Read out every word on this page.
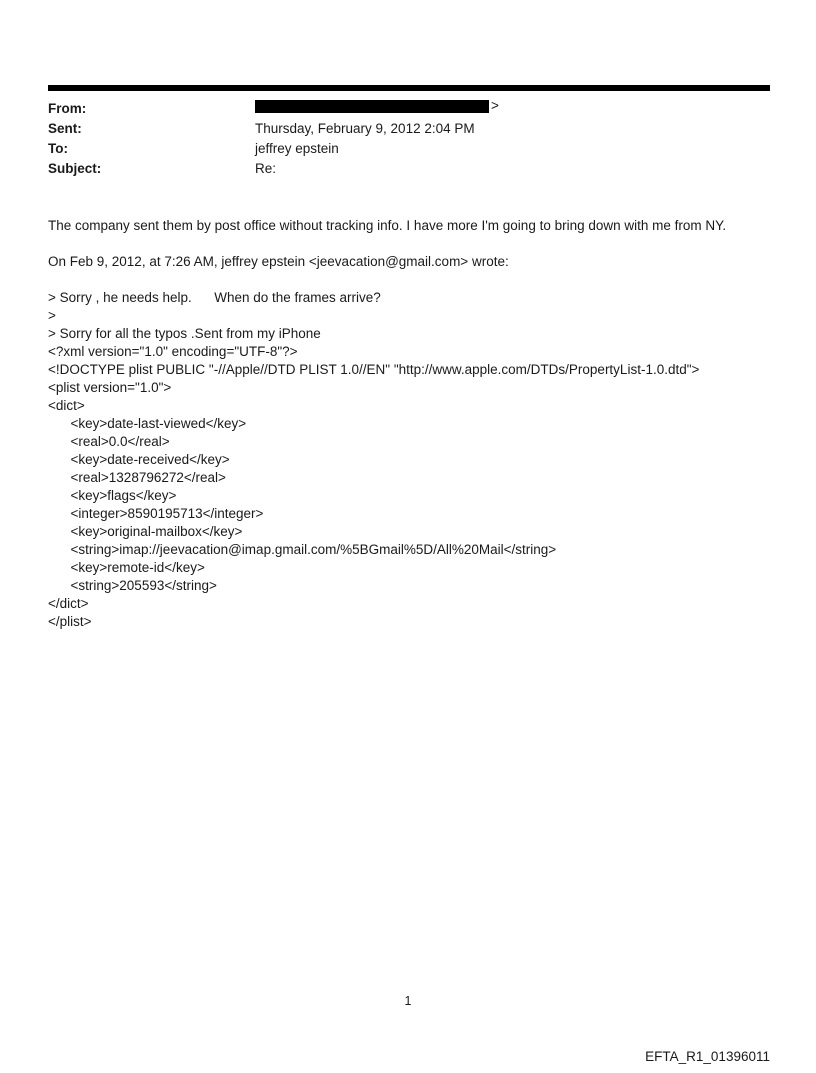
From:	>
Sent:	Thursday, February 9, 2012 2:04 PM
To:	jeffrey epstein
Subject:	Re:
The company sent them by post office without tracking info. I have more I'm going to bring down with me from NY.
On Feb 9, 2012, at 7:26 AM, jeffrey epstein <jeevacation@gmail.com> wrote:
> Sorry , he needs help.      When do the frames arrive?
>
> Sorry for all the typos .Sent from my iPhone
<?xml version="1.0" encoding="UTF-8"?>
<!DOCTYPE plist PUBLIC "-//Apple//DTD PLIST 1.0//EN" "http://www.apple.com/DTDs/PropertyList-1.0.dtd">
<plist version="1.0">
<dict>
	<key>date-last-viewed</key>
	<real>0.0</real>
	<key>date-received</key>
	<real>1328796272</real>
	<key>flags</key>
	<integer>8590195713</integer>
	<key>original-mailbox</key>
	<string>imap://jeevacation@imap.gmail.com/%5BGmail%5D/All%20Mail</string>
	<key>remote-id</key>
	<string>205593</string>
</dict>
</plist>
1
EFTA_R1_01396011
